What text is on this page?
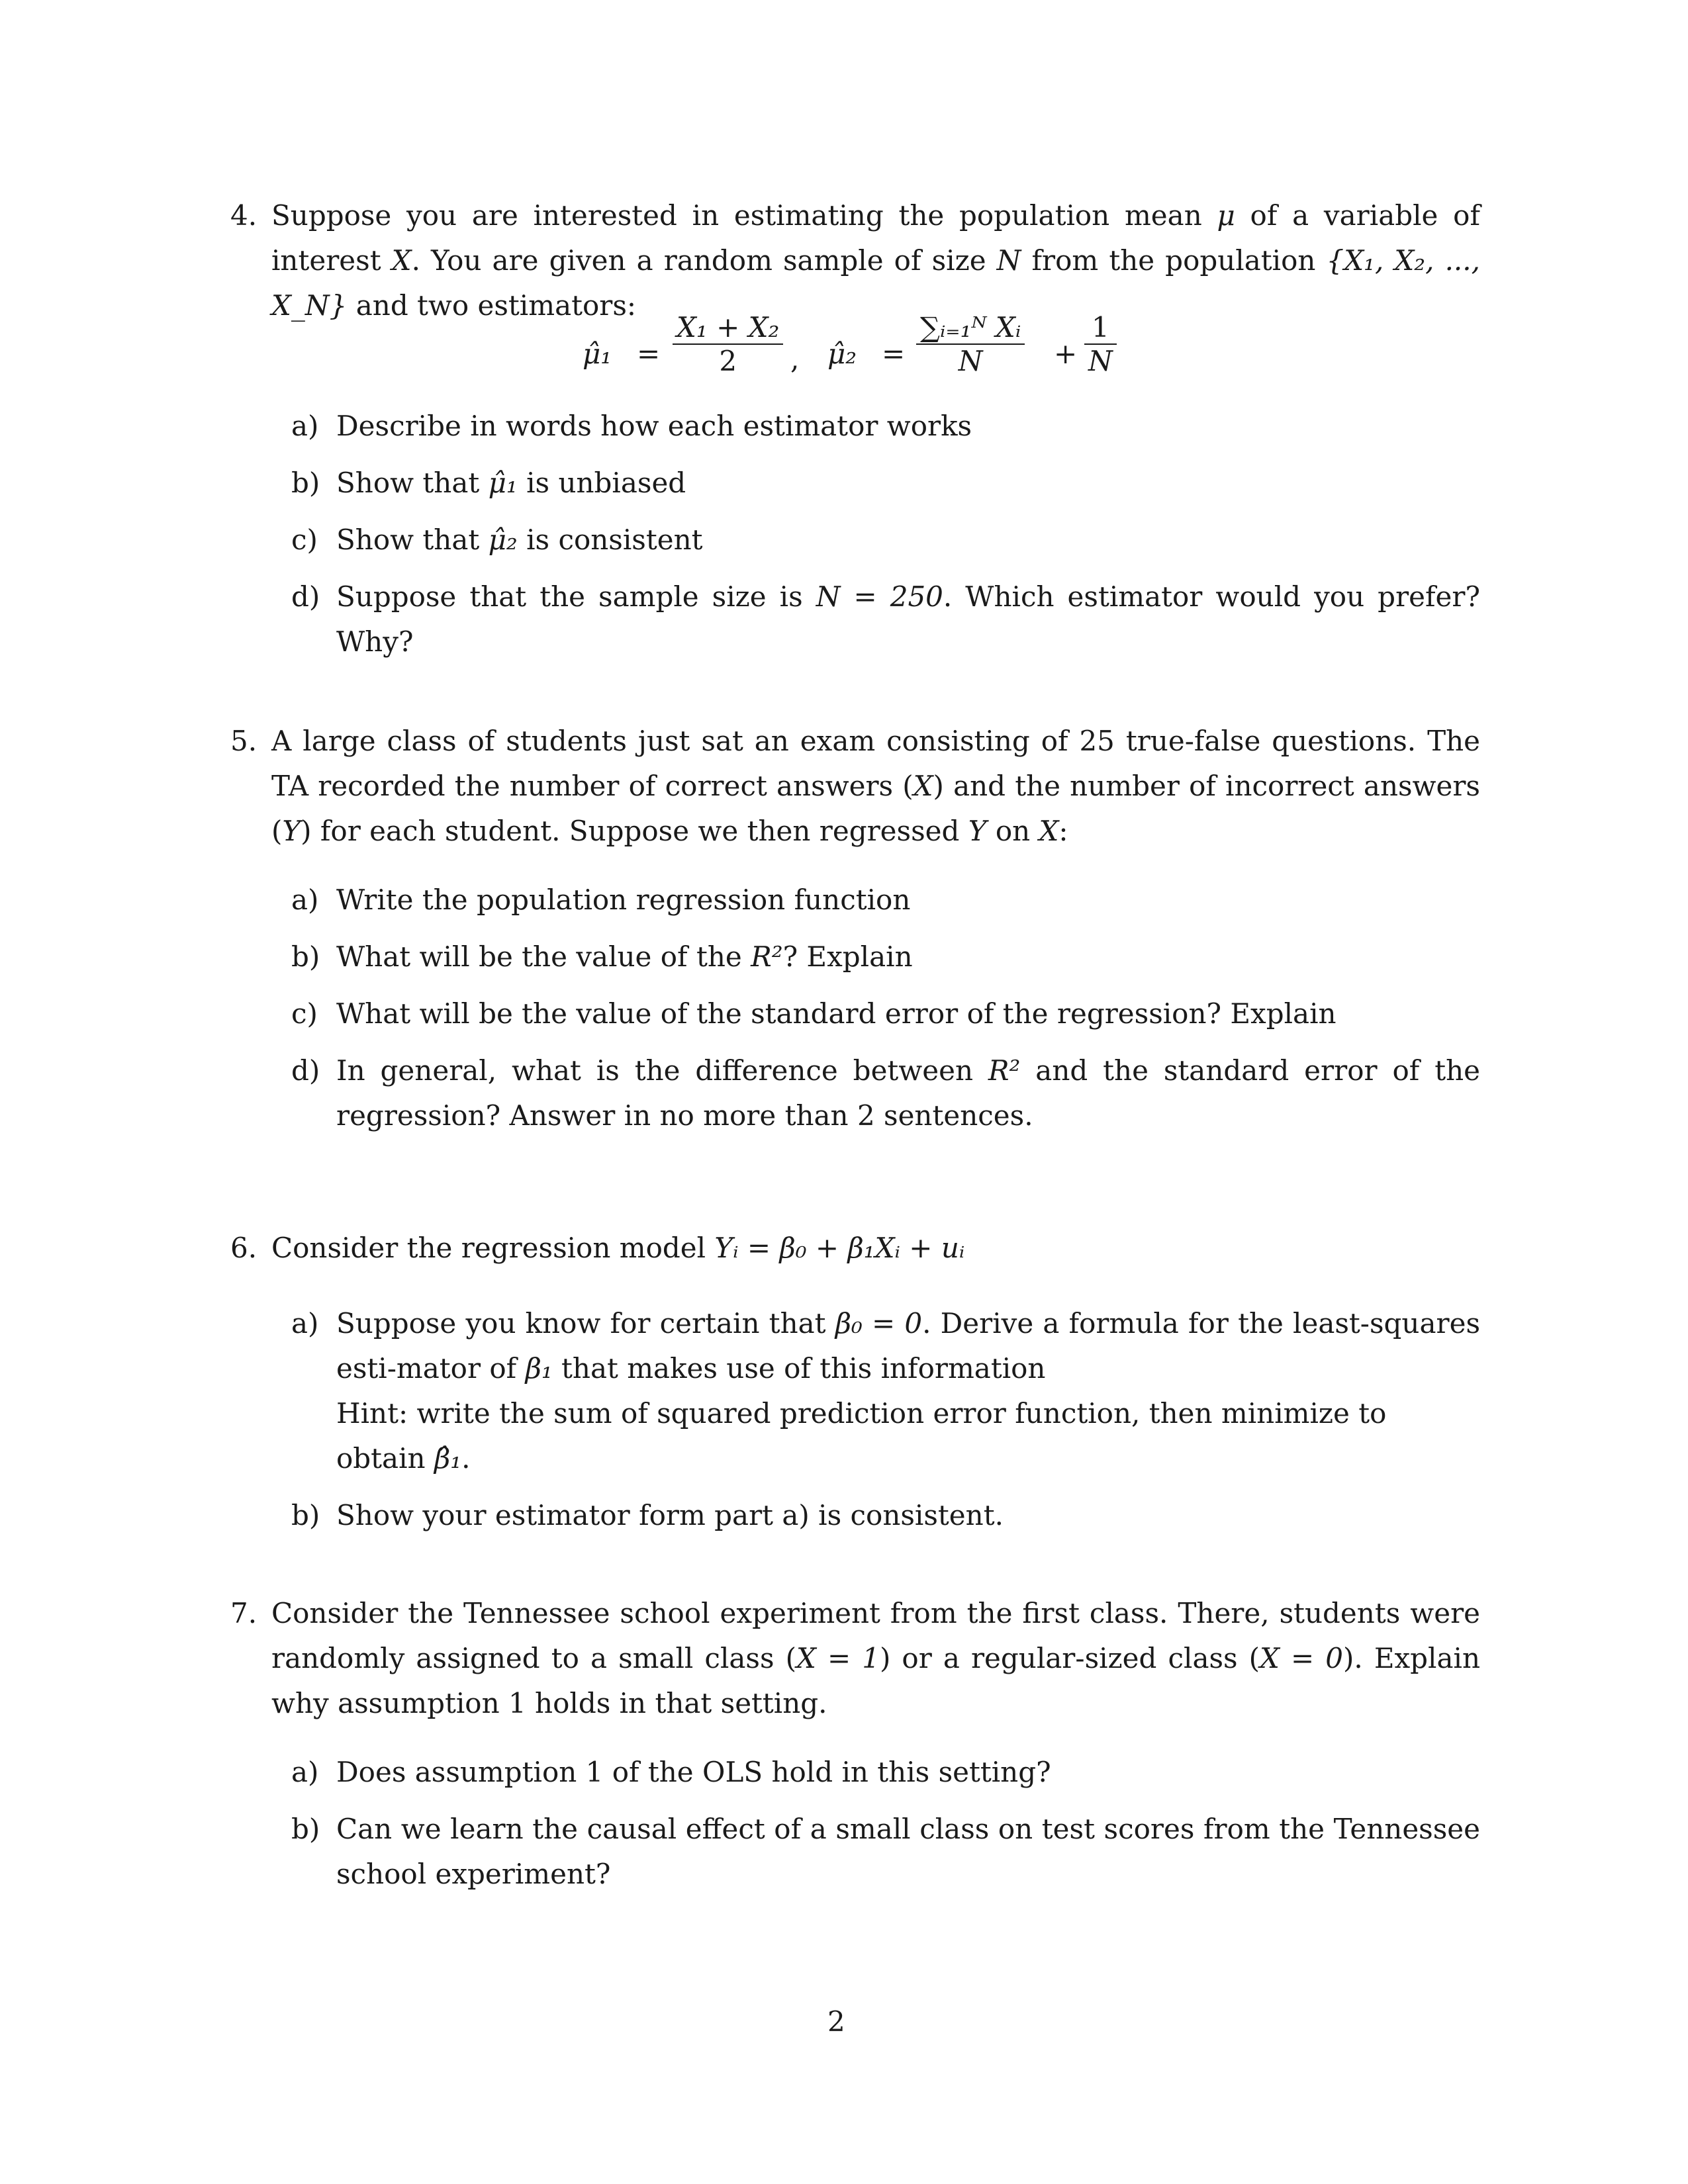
4. Suppose you are interested in estimating the population mean μ of a variable of interest X. You are given a random sample of size N from the population {X₁, X₂, ..., X_N} and two estimators:
μ̂₁ = $\frac{\text{X₁ + X₂}}{2}$ , μ̂₂ = $\frac{\text{∑ᵢ₌₁ᴺ Xᵢ}}{N} + \frac{1}{N}$
a) Describe in words how each estimator works
b) Show that μ̂₁ is unbiased
c) Show that μ̂₂ is consistent
d) Suppose that the sample size is N = 250. Which estimator would you prefer? Why?
5. A large class of students just sat an exam consisting of 25 true-false questions. The TA recorded the number of correct answers (X) and the number of incorrect answers (Y) for each student. Suppose we then regressed Y on X:
a) Write the population regression function
b) What will be the value of the R²? Explain
c) What will be the value of the standard error of the regression? Explain
d) In general, what is the difference between R² and the standard error of the regression? Answer in no more than 2 sentences.
6. Consider the regression model Yᵢ = β₀ + β₁Xᵢ + uᵢ
a) Suppose you know for certain that β₀ = 0. Derive a formula for the least-squares esti-mator of β₁ that makes use of this information
Hint: write the sum of squared prediction error function, then minimize to obtain β̂₁.
b) Show your estimator form part a) is consistent.
7. Consider the Tennessee school experiment from the first class. There, students were randomly assigned to a small class (X = 1) or a regular-sized class (X = 0). Explain why assumption 1 holds in that setting.
a) Does assumption 1 of the OLS hold in this setting?
b) Can we learn the causal effect of a small class on test scores from the Tennessee school experiment?
2
